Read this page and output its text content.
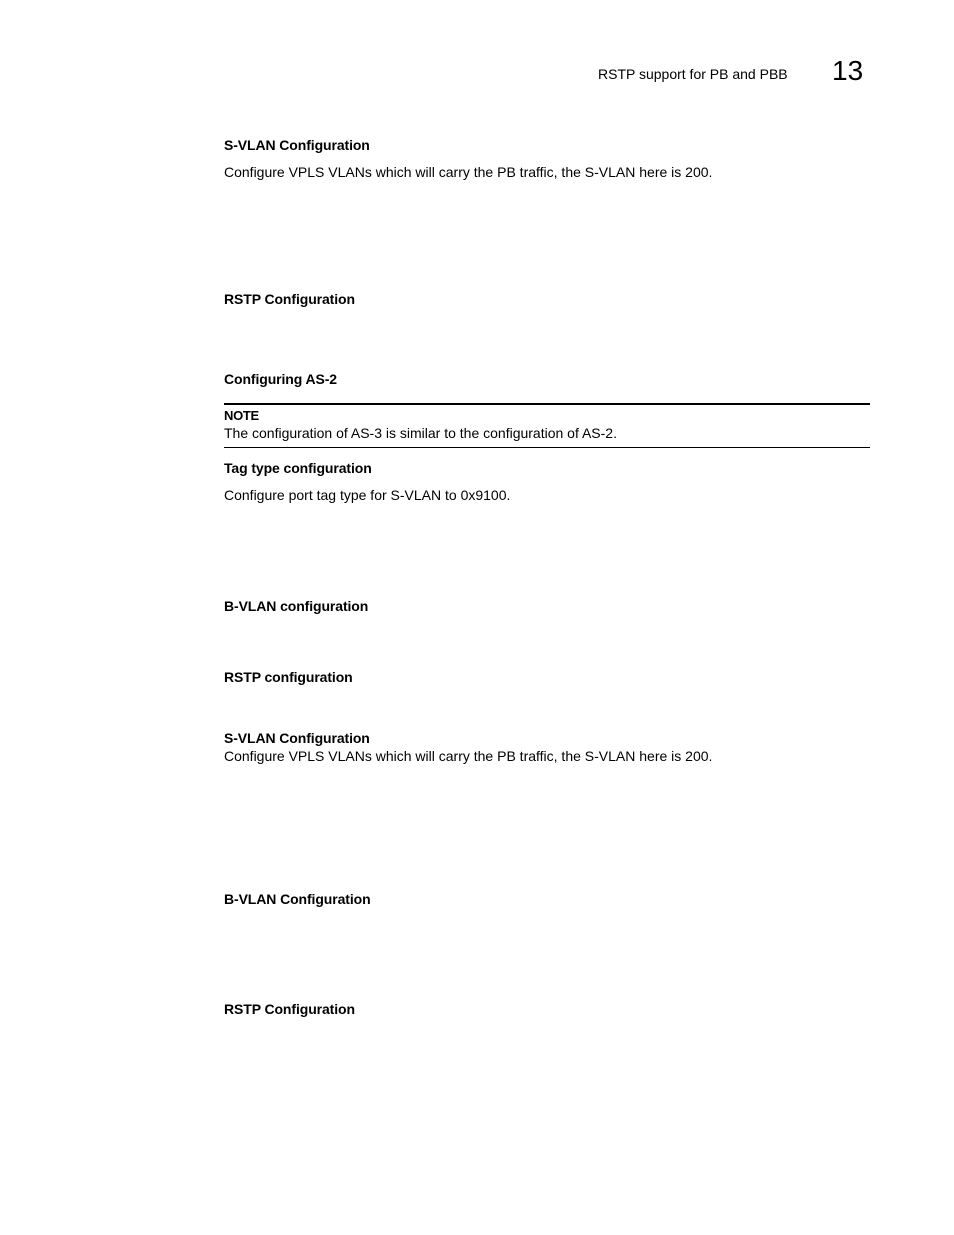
RSTP support for PB and PBB 13
S-VLAN Configuration
Configure VPLS VLANs which will carry the PB traffic, the S-VLAN here is 200.
RSTP Configuration
Configuring AS-2
NOTE
The configuration of AS-3 is similar to the configuration of AS-2.
Tag type configuration
Configure port tag type for S-VLAN to 0x9100.
B-VLAN configuration
RSTP configuration
S-VLAN Configuration
Configure VPLS VLANs which will carry the PB traffic, the S-VLAN here is 200.
B-VLAN Configuration
RSTP Configuration
